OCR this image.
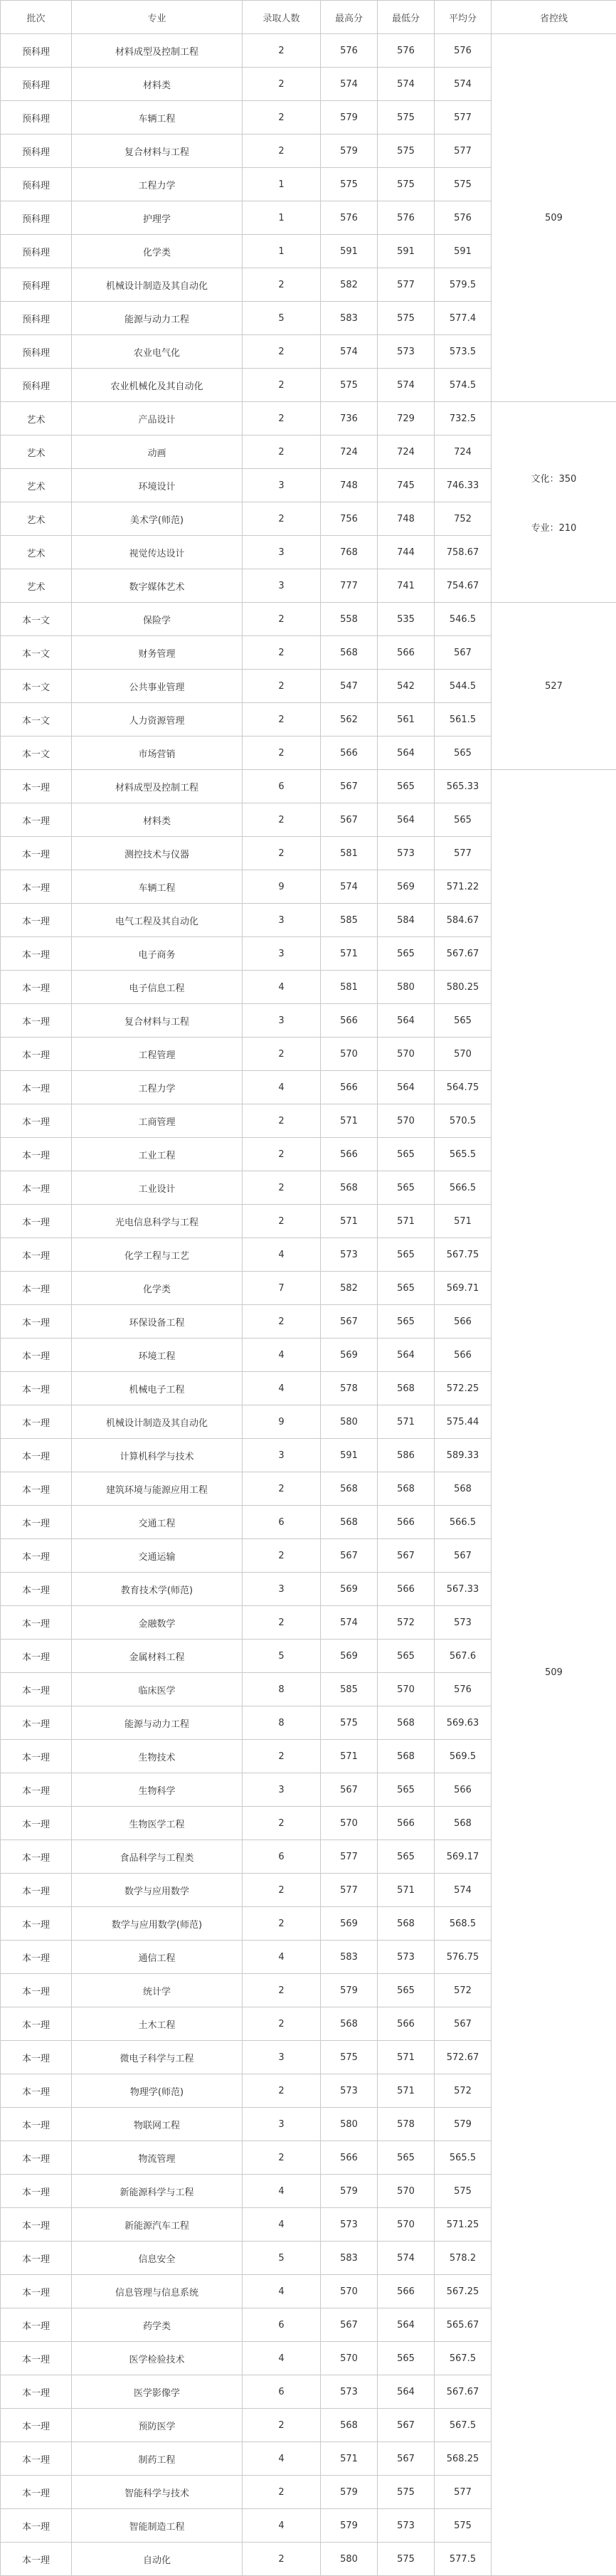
批次	专业	录取人数	最高分	最低分	平均分	省控线
预科理	材料成型及控制工程	2	576	576	576	509

预科理	材料类	2	574	574	574	
预科理	车辆工程	2	579	575	577	
预科理	复合材料与工程	2	579	575	577	
预科理	工程力学	1	575	575	575	
预科理	护理学	1	576	576	576	
预科理	化学类	1	591	591	591	
预科理	机械设计制造及其自动化	2	582	577	579.5	
预科理	能源与动力工程	5	583	575	577.4	
预科理	农业电气化	2	574	573	573.5	
预科理	农业机械化及其自动化	2	575	574	574.5	
艺术	产品设计	2	736	729	732.5	文化：350
专业：210

艺术	动画	2	724	724	724	
艺术	环境设计	3	748	745	746.33	
艺术	美术学(师范)	2	756	748	752	
艺术	视觉传达设计	3	768	744	758.67	
艺术	数字媒体艺术	3	777	741	754.67	
本一文	保险学	2	558	535	546.5	527

本一文	财务管理	2	568	566	567	
本一文	公共事业管理	2	547	542	544.5	
本一文	人力资源管理	2	562	561	561.5	
本一文	市场营销	2	566	564	565	
本一理	材料成型及控制工程	6	567	565	565.33	509

本一理	材料类	2	567	564	565	
本一理	测控技术与仪器	2	581	573	577	
本一理	车辆工程	9	574	569	571.22	
本一理	电气工程及其自动化	3	585	584	584.67	
本一理	电子商务	3	571	565	567.67	
本一理	电子信息工程	4	581	580	580.25	
本一理	复合材料与工程	3	566	564	565	
本一理	工程管理	2	570	570	570	
本一理	工程力学	4	566	564	564.75	
本一理	工商管理	2	571	570	570.5	
本一理	工业工程	2	566	565	565.5	
本一理	工业设计	2	568	565	566.5	
本一理	光电信息科学与工程	2	571	571	571	
本一理	化学工程与工艺	4	573	565	567.75	
本一理	化学类	7	582	565	569.71	
本一理	环保设备工程	2	567	565	566	
本一理	环境工程	4	569	564	566	
本一理	机械电子工程	4	578	568	572.25	
本一理	机械设计制造及其自动化	9	580	571	575.44	
本一理	计算机科学与技术	3	591	586	589.33	
本一理	建筑环境与能源应用工程	2	568	568	568	
本一理	交通工程	6	568	566	566.5	
本一理	交通运输	2	567	567	567	
本一理	教育技术学(师范)	3	569	566	567.33	
本一理	金融数学	2	574	572	573	
本一理	金属材料工程	5	569	565	567.6	
本一理	临床医学	8	585	570	576	
本一理	能源与动力工程	8	575	568	569.63	
本一理	生物技术	2	571	568	569.5	
本一理	生物科学	3	567	565	566	
本一理	生物医学工程	2	570	566	568	
本一理	食品科学与工程类	6	577	565	569.17	
本一理	数学与应用数学	2	577	571	574	
本一理	数学与应用数学(师范)	2	569	568	568.5	
本一理	通信工程	4	583	573	576.75	
本一理	统计学	2	579	565	572	
本一理	土木工程	2	568	566	567	
本一理	微电子科学与工程	3	575	571	572.67	
本一理	物理学(师范)	2	573	571	572	
本一理	物联网工程	3	580	578	579	
本一理	物流管理	2	566	565	565.5	
本一理	新能源科学与工程	4	579	570	575	
本一理	新能源汽车工程	4	573	570	571.25	
本一理	信息安全	5	583	574	578.2	
本一理	信息管理与信息系统	4	570	566	567.25	
本一理	药学类	6	567	564	565.67	
本一理	医学检验技术	4	570	565	567.5	
本一理	医学影像学	6	573	564	567.67	
本一理	预防医学	2	568	567	567.5	
本一理	制药工程	4	571	567	568.25	
本一理	智能科学与技术	2	579	575	577	
本一理	智能制造工程	4	579	573	575	
本一理	自动化	2	580	575	577.5	
